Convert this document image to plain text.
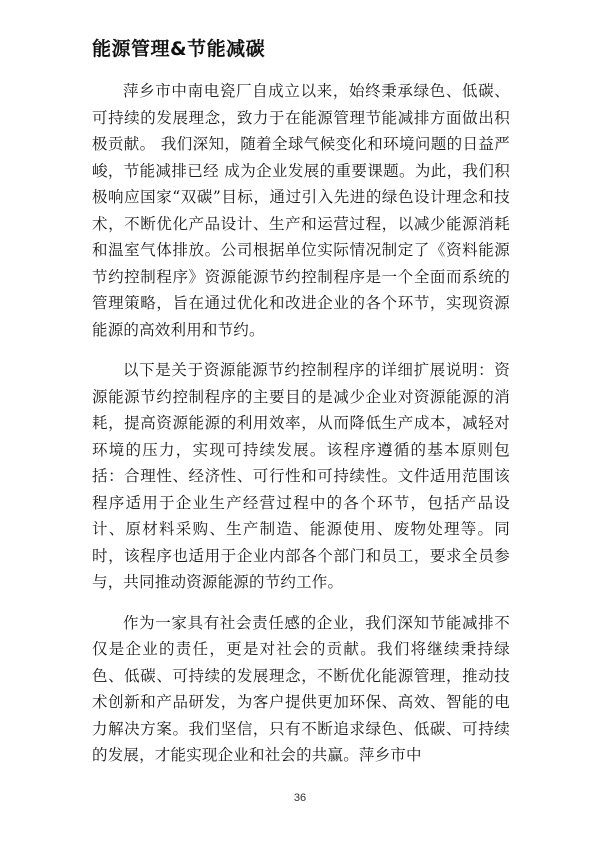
能源管理&节能减碳

萍乡市中南电瓷厂自成立以来，始终秉承绿色、低碳、 可持续的发展理念，致力于在能源管理节能减排方面做出积极贡献。 我们深知，随着全球气候变化和环境问题的日益严峻，节能减排已经 成为企业发展的重要课题。为此，我们积极响应国家“双碳”目标，通过引入先进的绿色设计理念和技术，不断优化产品设计、生产和运营过程，以减少能源消耗和温室气体排放。公司根据单位实际情况制定了《资料能源节约控制程序》资源能源节约控制程序是一个全面而系统的管理策略，旨在通过优化和改进企业的各个环节，实现资源能源的高效利用和节约。

以下是关于资源能源节约控制程序的详细扩展说明：资源能源节约控制程序的主要目的是减少企业对资源能源的消耗，提高资源能源的利用效率，从而降低生产成本，减轻对环境的压力，实现可持续发展。该程序遵循的基本原则包括：合理性、经济性、可行性和可持续性。文件适用范围该程序适用于企业生产经营过程中的各个环节，包括产品设计、原材料采购、生产制造、能源使用、废物处理等。同时，该程序也适用于企业内部各个部门和员工，要求全员参与，共同推动资源能源的节约工作。

作为一家具有社会责任感的企业，我们深知节能减排不仅是企业的责任，更是对社会的贡献。我们将继续秉持绿色、低碳、可持续的发展理念，不断优化能源管理，推动技术创新和产品研发，为客户提供更加环保、高效、智能的电力解决方案。我们坚信，只有不断追求绿色、低碳、可持续的发展，才能实现企业和社会的共赢。萍乡市中

36
